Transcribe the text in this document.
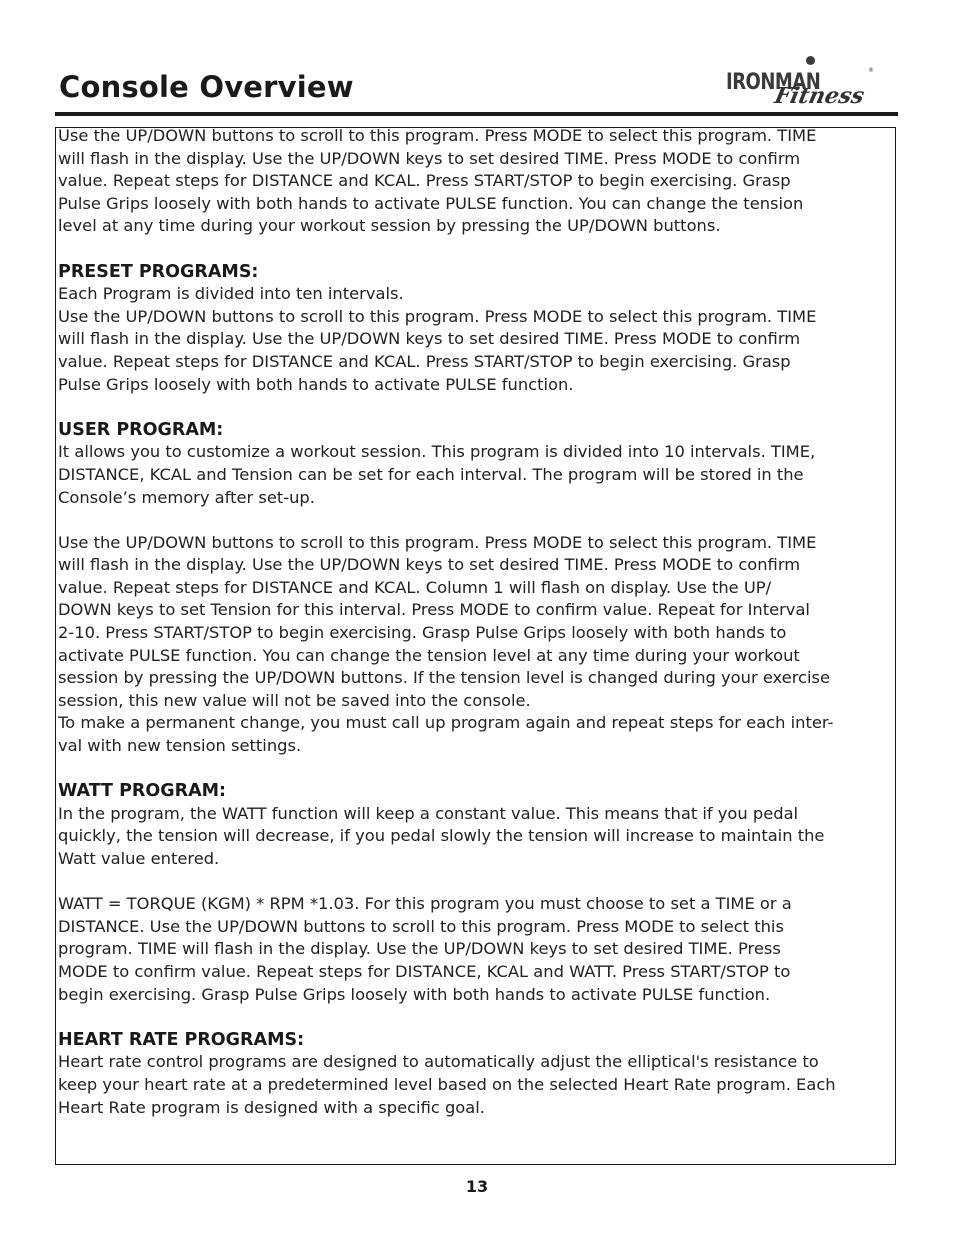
Console Overview	IRONMAN	®
Fitness

Use the UP/DOWN buttons to scroll to this program. Press MODE to select this program. TIME
will flash in the display. Use the UP/DOWN keys to set desired TIME. Press MODE to confirm
value. Repeat steps for DISTANCE and KCAL. Press START/STOP to begin exercising. Grasp
Pulse Grips loosely with both hands to activate PULSE function. You can change the tension
level at any time during your workout session by pressing the UP/DOWN buttons.

PRESET PROGRAMS:

Each Program is divided into ten intervals.

Use the UP/DOWN buttons to scroll to this program. Press MODE to select this program. TIME
will flash in the display. Use the UP/DOWN keys to set desired TIME. Press MODE to confirm
value. Repeat steps for DISTANCE and KCAL. Press START/STOP to begin exercising. Grasp
Pulse Grips loosely with both hands to activate PULSE function.

USER PROGRAM:

It allows you to customize a workout session. This program is divided into 10 intervals. TIME,
DISTANCE, KCAL and Tension can be set for each interval. The program will be stored in the
Console’s memory after set-up.

Use the UP/DOWN buttons to scroll to this program. Press MODE to select this program. TIME
will flash in the display. Use the UP/DOWN keys to set desired TIME. Press MODE to confirm
value. Repeat steps for DISTANCE and KCAL. Column 1 will flash on display. Use the UP/
DOWN keys to set Tension for this interval. Press MODE to confirm value. Repeat for Interval
2-10. Press START/STOP to begin exercising. Grasp Pulse Grips loosely with both hands to
activate PULSE function. You can change the tension level at any time during your workout
session by pressing the UP/DOWN buttons. If the tension level is changed during your exercise
session, this new value will not be saved into the console.

To make a permanent change, you must call up program again and repeat steps for each inter-
val with new tension settings.

WATT PROGRAM:

In the program, the WATT function will keep a constant value. This means that if you pedal
quickly, the tension will decrease, if you pedal slowly the tension will increase to maintain the
Watt value entered.

WATT = TORQUE (KGM) * RPM *1.03. For this program you must choose to set a TIME or a
DISTANCE. Use the UP/DOWN buttons to scroll to this program. Press MODE to select this
program. TIME will flash in the display. Use the UP/DOWN keys to set desired TIME. Press
MODE to confirm value. Repeat steps for DISTANCE, KCAL and WATT. Press START/STOP to
begin exercising. Grasp Pulse Grips loosely with both hands to activate PULSE function.

HEART RATE PROGRAMS:

Heart rate control programs are designed to automatically adjust the elliptical's resistance to
keep your heart rate at a predetermined level based on the selected Heart Rate program. Each
Heart Rate program is designed with a specific goal.

13
